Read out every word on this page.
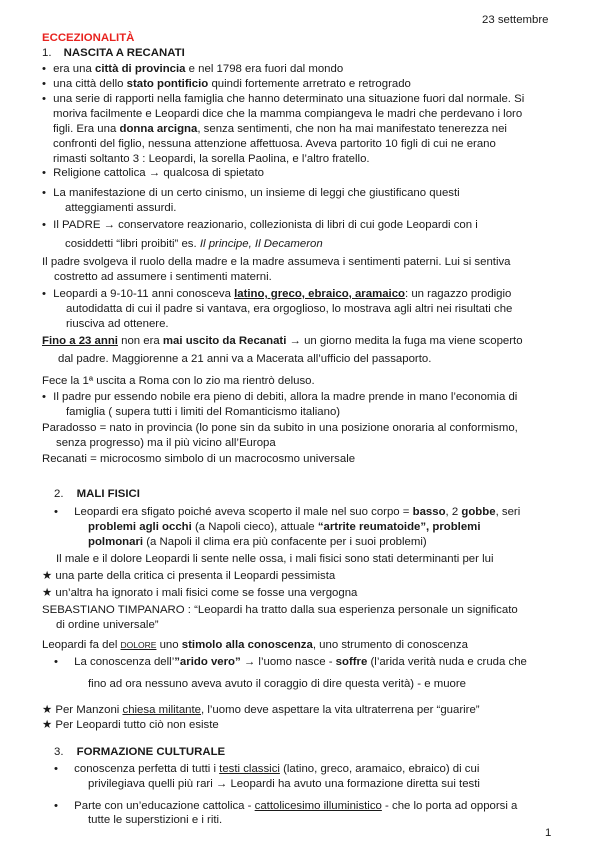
23 settembre
ECCEZIONALITÀ
1. NASCITA A RECANATI
• era una città di provincia e nel 1798 era fuori dal mondo
• una città dello stato pontificio quindi fortemente arretrato e retrogrado
• una serie di rapporti nella famiglia che hanno determinato una situazione fuori dal normale. Si
moriva facilmente e Leopardi dice che la mamma compiangeva le madri che perdevano i loro
figli. Era una donna arcigna, senza sentimenti, che non ha mai manifestato tenerezza nei
confronti del figlio, nessuna attenzione affettuosa. Aveva partorito 10 figli di cui ne erano
rimasti soltanto 3 : Leopardi, la sorella Paolina, e l’altro fratello.
• Religione cattolica → qualcosa di spietato
• La manifestazione di un certo cinismo, un insieme di leggi che giustificano questi
atteggiamenti assurdi.
• Il PADRE → conservatore reazionario, collezionista di libri di cui gode Leopardi con i
cosiddetti “libri proibiti” es. Il principe, Il Decameron
Il padre svolgeva il ruolo della madre e la madre assumeva i sentimenti paterni. Lui si sentiva
costretto ad assumere i sentimenti materni.
• Leopardi a 9-10-11 anni conosceva latino, greco, ebraico, aramaico: un ragazzo prodigio
autodidatta di cui il padre si vantava, era orgoglioso, lo mostrava agli altri nei risultati che
riusciva ad ottenere.
Fino a 23 anni non era mai uscito da Recanati → un giorno medita la fuga ma viene scoperto
dal padre. Maggiorenne a 21 anni va a Macerata all’ufficio del passaporto.
Fece la 1ª uscita a Roma con lo zio ma rientrò deluso.
• Il padre pur essendo nobile era pieno di debiti, allora la madre prende in mano l’economia di
famiglia ( supera tutti i limiti del Romanticismo italiano)
Paradosso = nato in provincia (lo pone sin da subito in una posizione onoraria al conformismo,
senza progresso) ma il più vicino all’Europa
Recanati = microcosmo simbolo di un macrocosmo universale
2. MALI FISICI
• Leopardi era sfigato poiché aveva scoperto il male nel suo corpo = basso, 2 gobbe, seri
problemi agli occhi (a Napoli cieco), attuale “artrite reumatoide”, problemi
polmonari (a Napoli il clima era più confacente per i suoi problemi)
Il male e il dolore Leopardi li sente nelle ossa, i mali fisici sono stati determinanti per lui
★ una parte della critica ci presenta il Leopardi pessimista
★ un’altra ha ignorato i mali fisici come se fosse una vergogna
SEBASTIANO TIMPANARO : “Leopardi ha tratto dalla sua esperienza personale un significato
di ordine universale”
Leopardi fa del DOLORE uno stimolo alla conoscenza, uno strumento di conoscenza
• La conoscenza dell’”arido vero” → l’uomo nasce - soffre (l’arida verità nuda e cruda che
fino ad ora nessuno aveva avuto il coraggio di dire questa verità) - e muore
★ Per Manzoni chiesa militante, l’uomo deve aspettare la vita ultraterrena per “guarire”
★ Per Leopardi tutto ciò non esiste
3. FORMAZIONE CULTURALE
• conoscenza perfetta di tutti i testi classici (latino, greco, aramaico, ebraico) di cui
privilegiava quelli più rari → Leopardi ha avuto una formazione diretta sui testi
• Parte con un’educazione cattolica - cattolicesimo illuministico - che lo porta ad opporsi a
tutte le superstizioni e i riti.
1
